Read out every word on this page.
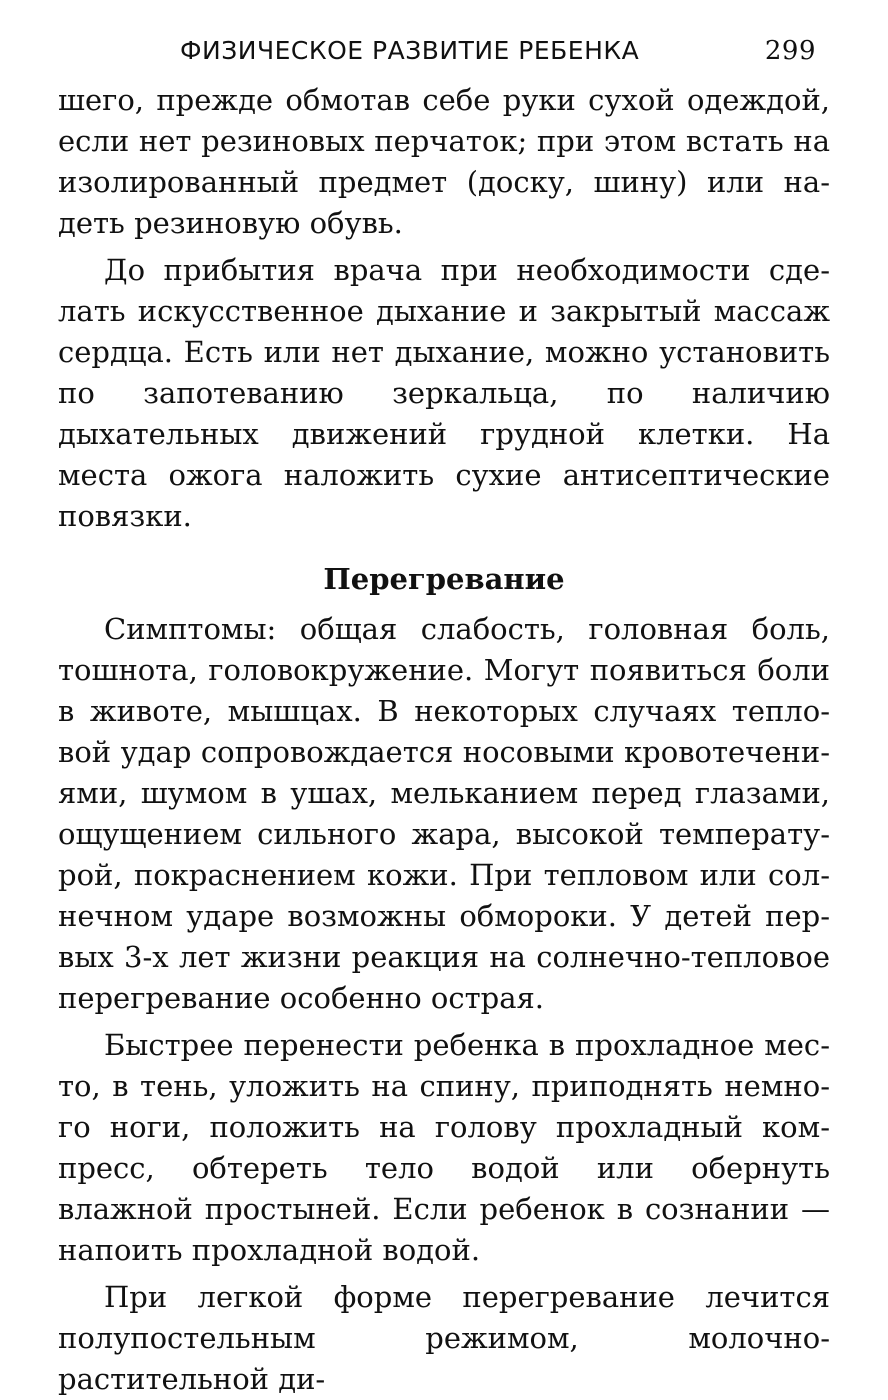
ФИЗИЧЕСКОЕ РАЗВИТИЕ РЕБЕНКА	299

шего, прежде обмотав себе руки сухой одеждой, если нет резиновых перчаток; при этом встать на изолированный предмет (доску, шину) или надеть резиновую обувь.

До прибытия врача при необходимости сделать искусственное дыхание и закрытый массаж сердца. Есть или нет дыхание, можно установить по запотеванию зеркальца, по наличию дыхательных движений грудной клетки. На места ожога наложить сухие антисептические повязки.

Перегревание

Симптомы: общая слабость, головная боль, тошнота, головокружение. Могут появиться боли в животе, мышцах. В некоторых случаях тепловой удар сопровождается носовыми кровотечениями, шумом в ушах, мельканием перед глазами, ощущением сильного жара, высокой температурой, покраснением кожи. При тепловом или солнечном ударе возможны обмороки. У детей первых 3-х лет жизни реакция на солнечно-тепловое перегревание особенно острая.

Быстрее перенести ребенка в прохладное место, в тень, уложить на спину, приподнять немного ноги, положить на голову прохладный компресс, обтереть тело водой или обернуть влажной простыней. Если ребенок в сознании — напоить прохладной водой.

При легкой форме перегревание лечится полупостельным режимом, молочно-растительной ди-
